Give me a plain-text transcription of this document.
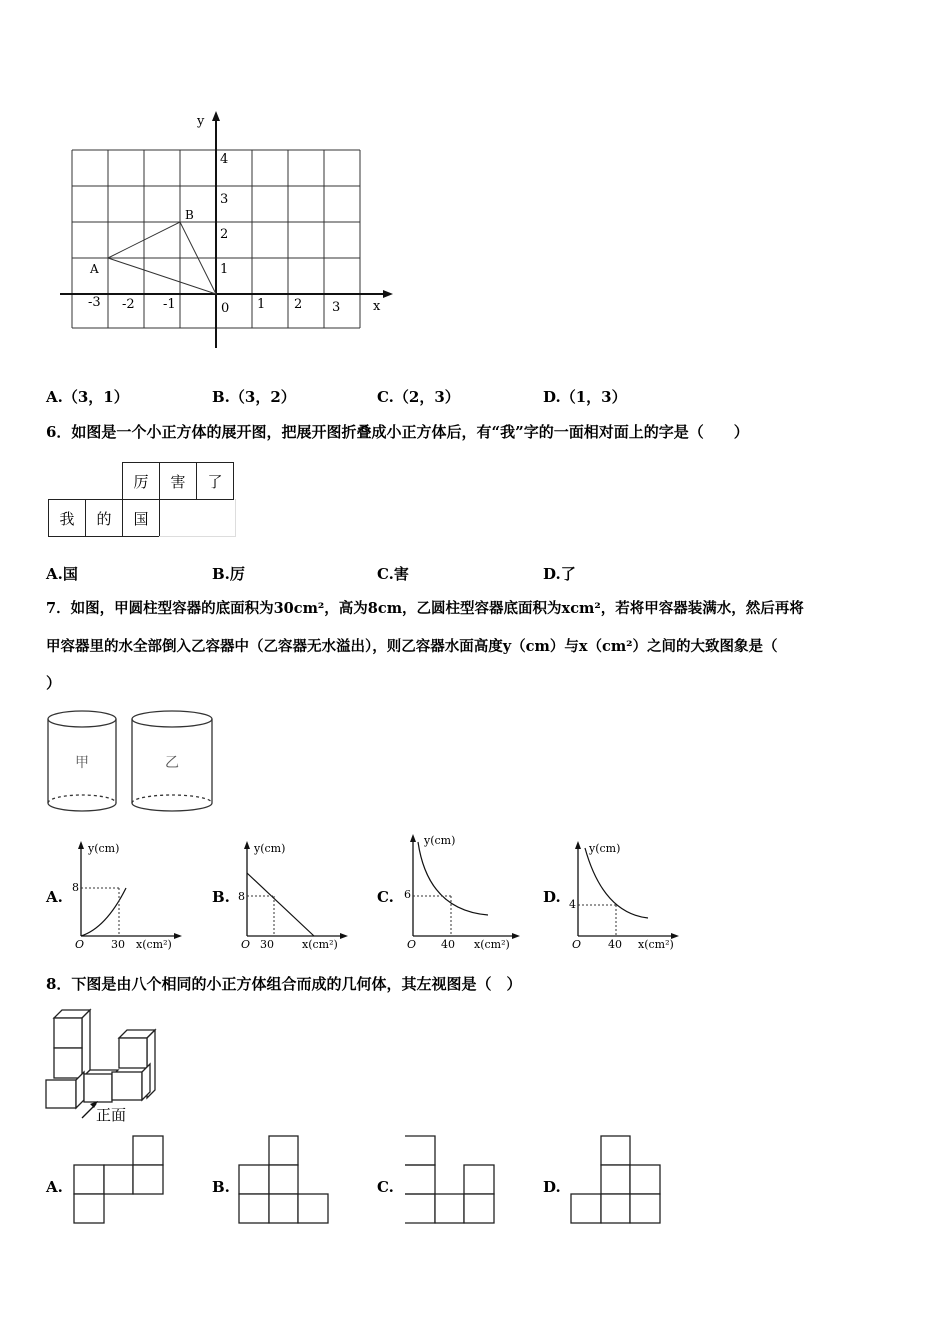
y
x
0
1
2
3
4
-3 -2 -1	1 2 3
A
B
A.（3，1）	B.（3，2）	C.（2，3）	D.（1，3）
6．如图是一个小正方体的展开图，把展开图折叠成小正方体后，有“我”字的一面相对面上的字是（　　）
厉	害	了
我	的	国
A.国	B.厉	C.害	D.了
7．如图，甲圆柱型容器的底面积为30cm²，高为8cm，乙圆柱型容器底面积为xcm²，若将甲容器装满水，然后再将
甲容器里的水全部倒入乙容器中（乙容器无水溢出），则乙容器水面高度y（cm）与x（cm²）之间的大致图象是（
）
甲	乙
A.
y(cm)
8
O 30 x(cm²)
B.
y(cm)
8
O 30	x(cm²)
C.
y(cm)
6
O 40 x(cm²)
D.
y(cm)
4
O 40 x(cm²)
8．下图是由八个相同的小正方体组合而成的几何体，其左视图是（　）
正面
A.	B.	C.	D.
